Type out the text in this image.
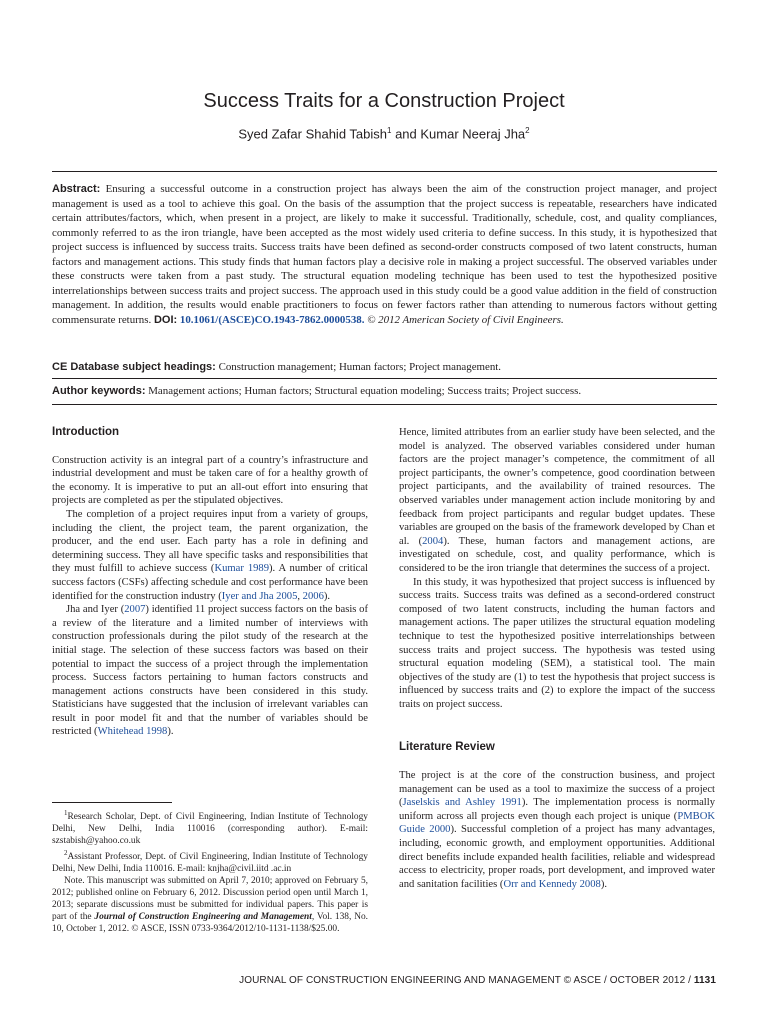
Success Traits for a Construction Project
Syed Zafar Shahid Tabish$^1$ and Kumar Neeraj Jha$^2$
Abstract: Ensuring a successful outcome in a construction project has always been the aim of the construction project manager, and project management is used as a tool to achieve this goal. On the basis of the assumption that the project success is repeatable, researchers have indicated certain attributes/factors, which, when present in a project, are likely to make it successful. Traditionally, schedule, cost, and quality compliances, commonly referred to as the iron triangle, have been accepted as the most widely used criteria to define success. In this study, it is hypothesized that project success is influenced by success traits. Success traits have been defined as second-order constructs composed of two latent constructs, human factors and management actions. This study finds that human factors play a decisive role in making a project successful. The observed variables under these constructs were taken from a past study. The structural equation modeling technique has been used to test the hypothesized positive interrelationships between success traits and project success. The approach used in this study could be a good value addition in the field of construction management. In addition, the results would enable practitioners to focus on fewer factors rather than attending to numerous factors without getting commensurate returns. DOI: 10.1061/(ASCE)CO.1943-7862.0000538. © 2012 American Society of Civil Engineers.
CE Database subject headings: Construction management; Human factors; Project management.
Author keywords: Management actions; Human factors; Structural equation modeling; Success traits; Project success.
Introduction

Construction activity is an integral part of a country’s infrastructure and industrial development and must be taken care of for a healthy growth of the economy. It is imperative to put an all-out effort into ensuring that projects are completed as per the stipulated objectives.

The completion of a project requires input from a variety of groups, including the client, the project team, the parent organization, the producer, and the end user. Each party has a role in defining and determining success. They all have specific tasks and responsibilities that they must fulfill to achieve success (Kumar 1989). A number of critical success factors (CSFs) affecting schedule and cost performance have been identified for the construction industry (Iyer and Jha 2005, 2006).

Jha and Iyer (2007) identified 11 project success factors on the basis of a review of the literature and a limited number of interviews with construction professionals during the pilot study of the research at the initial stage. The selection of these success factors was based on their potential to impact the success of a project through the implementation process. Success factors pertaining to human factors constructs and management actions constructs have been considered in this study. Statisticians have suggested that the inclusion of irrelevant variables can result in poor model fit and that the number of variables should be restricted (Whitehead 1998).

$^1$Research Scholar, Dept. of Civil Engineering, Indian Institute of Technology Delhi, New Delhi, India 110016 (corresponding author). E-mail: szstabish@yahoo.co.uk

$^2$Assistant Professor, Dept. of Civil Engineering, Indian Institute of Technology Delhi, New Delhi, India 110016. E-mail: knjha@civil.iitd .ac.in

Note. This manuscript was submitted on April 7, 2010; approved on February 5, 2012; published online on February 6, 2012. Discussion period open until March 1, 2013; separate discussions must be submitted for individual papers. This paper is part of the Journal of Construction Engineering and Management, Vol. 138, No. 10, October 1, 2012. © ASCE, ISSN 0733-9364/2012/10-1131-1138/$25.00.

Hence, limited attributes from an earlier study have been selected, and the model is analyzed. The observed variables considered under human factors are the project manager’s competence, the commitment of all project participants, the owner’s competence, good coordination between project participants, and the availability of trained resources. The observed variables under management action include monitoring by and feedback from project participants and regular budget updates. These variables are grouped on the basis of the framework developed by Chan et al. (2004). These, human factors and management actions, are investigated on schedule, cost, and quality performance, which is considered to be the iron triangle that determines the success of a project.

In this study, it was hypothesized that project success is influenced by success traits. Success traits was defined as a second-ordered construct composed of two latent constructs, including the human factors and management actions. The paper utilizes the structural equation modeling technique to test the hypothesized positive interrelationships between success traits and project success. The hypothesis was tested using structural equation modeling (SEM), a statistical tool. The main objectives of the study are (1) to test the hypothesis that project success is influenced by success traits and (2) to explore the impact of the success traits on project success.

Literature Review

The project is at the core of the construction business, and project management can be used as a tool to maximize the success of a project (Jaselskis and Ashley 1991). The implementation process is normally uniform across all projects even though each project is unique (PMBOK Guide 2000). Successful completion of a project has many advantages, including, economic growth, and employment opportunities. Additional direct benefits include expanded health facilities, reliable and widespread access to electricity, proper roads, port development, and improved water and sanitation facilities (Orr and Kennedy 2008).

JOURNAL OF CONSTRUCTION ENGINEERING AND MANAGEMENT © ASCE / OCTOBER 2012 / 1131
